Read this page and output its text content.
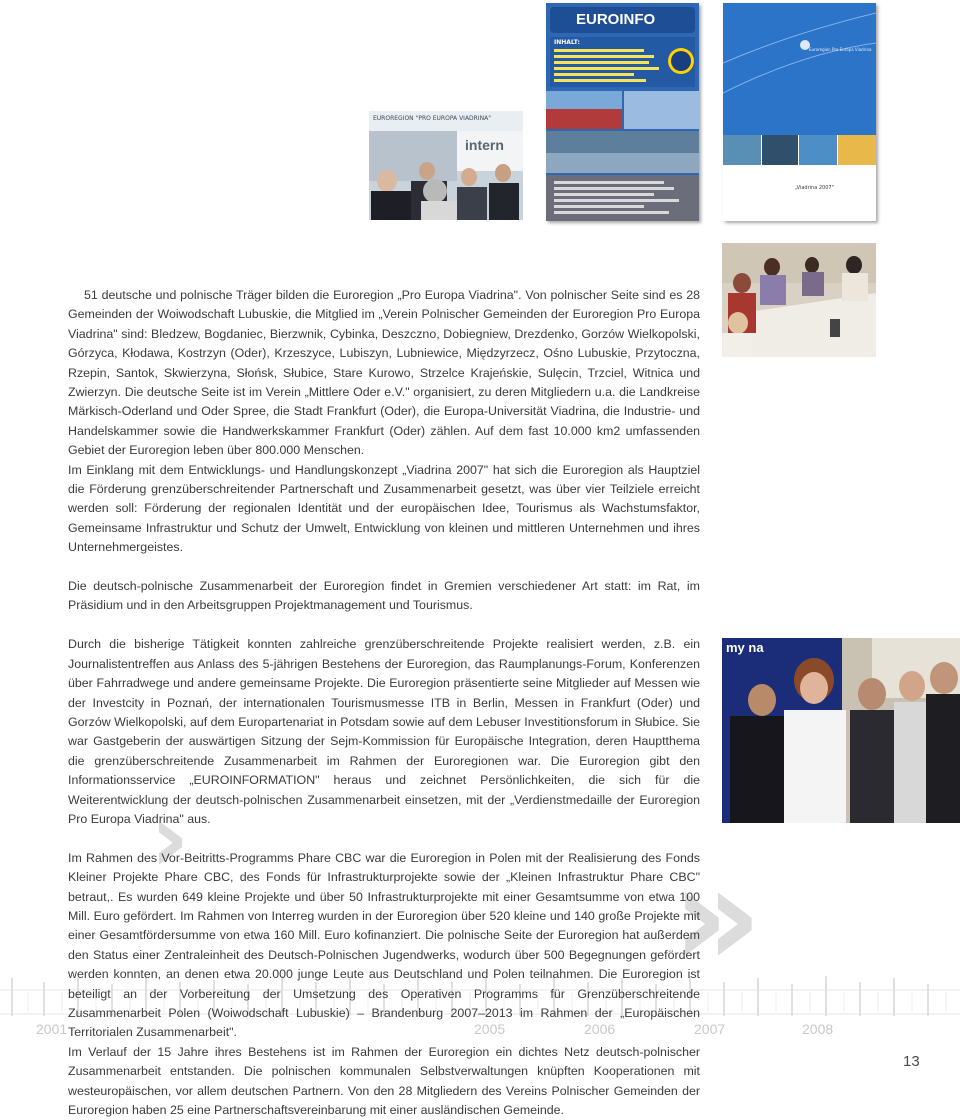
›	»
2001	2005	2006	2007	2008
EUROREGION "PRO EUROPA VIADRINA"
intern
EUROINFO
INHALT:
Euroregion Pro Europa Viadrina
„Viadrina 2007"
my na

51 deutsche und polnische Träger bilden die Euroregion „Pro Europa Viadrina". Von polnischer Seite sind es 28 Gemeinden der Woiwodschaft Lubuskie, die Mitglied im „Verein Polnischer Gemeinden der Euroregion Pro Europa Viadrina" sind: Bledzew, Bogdaniec, Bierzwnik, Cybinka, Deszczno, Dobiegniew, Drezdenko, Gorzów Wielkopolski, Górzyca, Kłodawa, Kostrzyn (Oder), Krzeszyce, Lubiszyn, Lubniewice, Międzyrzecz, Ośno Lubuskie, Przytoczna, Rzepin, Santok, Skwierzyna, Słońsk, Słubice, Stare Kurowo, Strzelce Krajeńskie, Sulęcin, Trzciel, Witnica und Zwierzyn. Die deutsche Seite ist im Verein „Mittlere Oder e.V." organisiert, zu deren Mitgliedern u.a. die Landkreise Märkisch-Oderland und Oder Spree, die Stadt Frankfurt (Oder), die Europa-Universität Viadrina, die Industrie- und Handelskammer sowie die Handwerkskammer Frankfurt (Oder) zählen. Auf dem fast 10.000 km2 umfassenden Gebiet der Euroregion leben über 800.000 Menschen.

Im Einklang mit dem Entwicklungs- und Handlungskonzept „Viadrina 2007" hat sich die Euroregion als Hauptziel die Förderung grenzüberschreitender Partnerschaft und Zusammenarbeit gesetzt, was über vier Teilziele erreicht werden soll: Förderung der regionalen Identität und der europäischen Idee, Tourismus als Wachstumsfaktor, Gemeinsame Infrastruktur und Schutz der Umwelt, Entwicklung von kleinen und mittleren Unternehmen und ihres Unternehmergeistes.

Die deutsch-polnische Zusammenarbeit der Euroregion findet in Gremien verschiedener Art statt: im Rat, im Präsidium und in den Arbeitsgruppen Projektmanagement und Tourismus.

Durch die bisherige Tätigkeit konnten zahlreiche grenzüberschreitende Projekte realisiert werden, z.B. ein Journalistentreffen aus Anlass des 5-jährigen Bestehens der Euroregion, das Raumplanungs-Forum, Konferenzen über Fahrradwege und andere gemeinsame Projekte. Die Euroregion präsentierte seine Mitglieder auf Messen wie der Investcity in Poznań, der internationalen Tourismusmesse ITB in Berlin, Messen in Frankfurt (Oder) und Gorzów Wielkopolski, auf dem Europartenariat in Potsdam sowie auf dem Lebuser Investitionsforum in Słubice. Sie war Gastgeberin der auswärtigen Sitzung der Sejm-Kommission für Europäische Integration, deren Hauptthema die grenzüberschreitende Zusammenarbeit im Rahmen der Euroregionen war. Die Euroregion gibt den Informationsservice „EUROINFORMATION" heraus und zeichnet Persönlichkeiten, die sich für die Weiterentwicklung der deutsch-polnischen Zusammenarbeit einsetzen, mit der „Verdienstmedaille der Euroregion Pro Europa Viadrina" aus.

Im Rahmen des Vor-Beitritts-Programms Phare CBC war die Euroregion in Polen mit der Realisierung des Fonds Kleiner Projekte Phare CBC, des Fonds für Infrastrukturprojekte sowie der „Kleinen Infrastruktur Phare CBC" betraut,. Es wurden 649 kleine Projekte und über 50 Infrastrukturprojekte mit einer Gesamtsumme von etwa 100 Mill. Euro gefördert. Im Rahmen von Interreg wurden in der Euroregion über 520 kleine und 140 große Projekte mit einer Gesamtfördersumme von etwa 160 Mill. Euro kofinanziert. Die polnische Seite der Euroregion hat außerdem den Status einer Zentraleinheit des Deutsch-Polnischen Jugendwerks, wodurch über 500 Begegnungen gefördert werden konnten, an denen etwa 20.000 junge Leute aus Deutschland und Polen teilnahmen. Die Euroregion ist beteiligt an der Vorbereitung der Umsetzung des Operativen Programms für Grenzüberschreitende Zusammenarbeit Polen (Woiwodschaft Lubuskie) – Brandenburg 2007–2013 im Rahmen der „Europäischen Territorialen Zusammenarbeit".

Im Verlauf der 15 Jahre ihres Bestehens ist im Rahmen der Euroregion ein dichtes Netz deutsch-polnischer Zusammenarbeit entstanden. Die polnischen kommunalen Selbstverwaltungen knüpften Kooperationen mit westeuropäischen, vor allem deutschen Partnern. Von den 28 Mitgliedern des Vereins Polnischer Gemeinden der Euroregion haben 25 eine Partnerschaftsvereinbarung mit einer ausländischen Gemeinde.

13
